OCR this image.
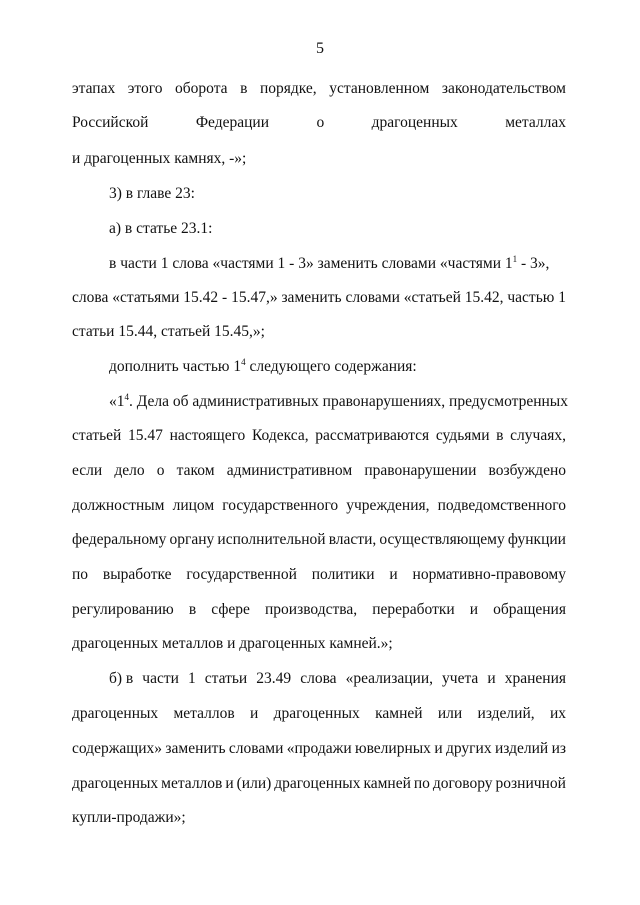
5
этапах этого оборота в порядке, установленном законодательством
Российской	Федерации	о	драгоценных	металлах
и драгоценных камнях, -»;
3) в главе 23:
а) в статье 23.1:
в части 1 слова «частями 1 - 3» заменить словами «частями $1^1 - 3$»,
слова «статьями 15.42 - 15.47,» заменить словами «статьей 15.42, частью 1
статьи 15.44, статьей 15.45,»;
дополнить частью $1^4$ следующего содержания:
«$1^4$. Дела об административных правонарушениях, предусмотренных
статьей 15.47 настоящего Кодекса, рассматриваются судьями в случаях,
если дело о таком административном правонарушении возбуждено
должностным лицом государственного учреждения, подведомственного
федеральному органу исполнительной власти, осуществляющему функции
по выработке государственной политики и нормативно-правовому
регулированию в сфере производства, переработки и обращения
драгоценных металлов и драгоценных камней.»;
б) в части 1 статьи 23.49 слова «реализации, учета и хранения
драгоценных металлов и драгоценных камней или изделий, их
содержащих» заменить словами «продажи ювелирных и других изделий из
драгоценных металлов и (или) драгоценных камней по договору розничной
купли-продажи»;
